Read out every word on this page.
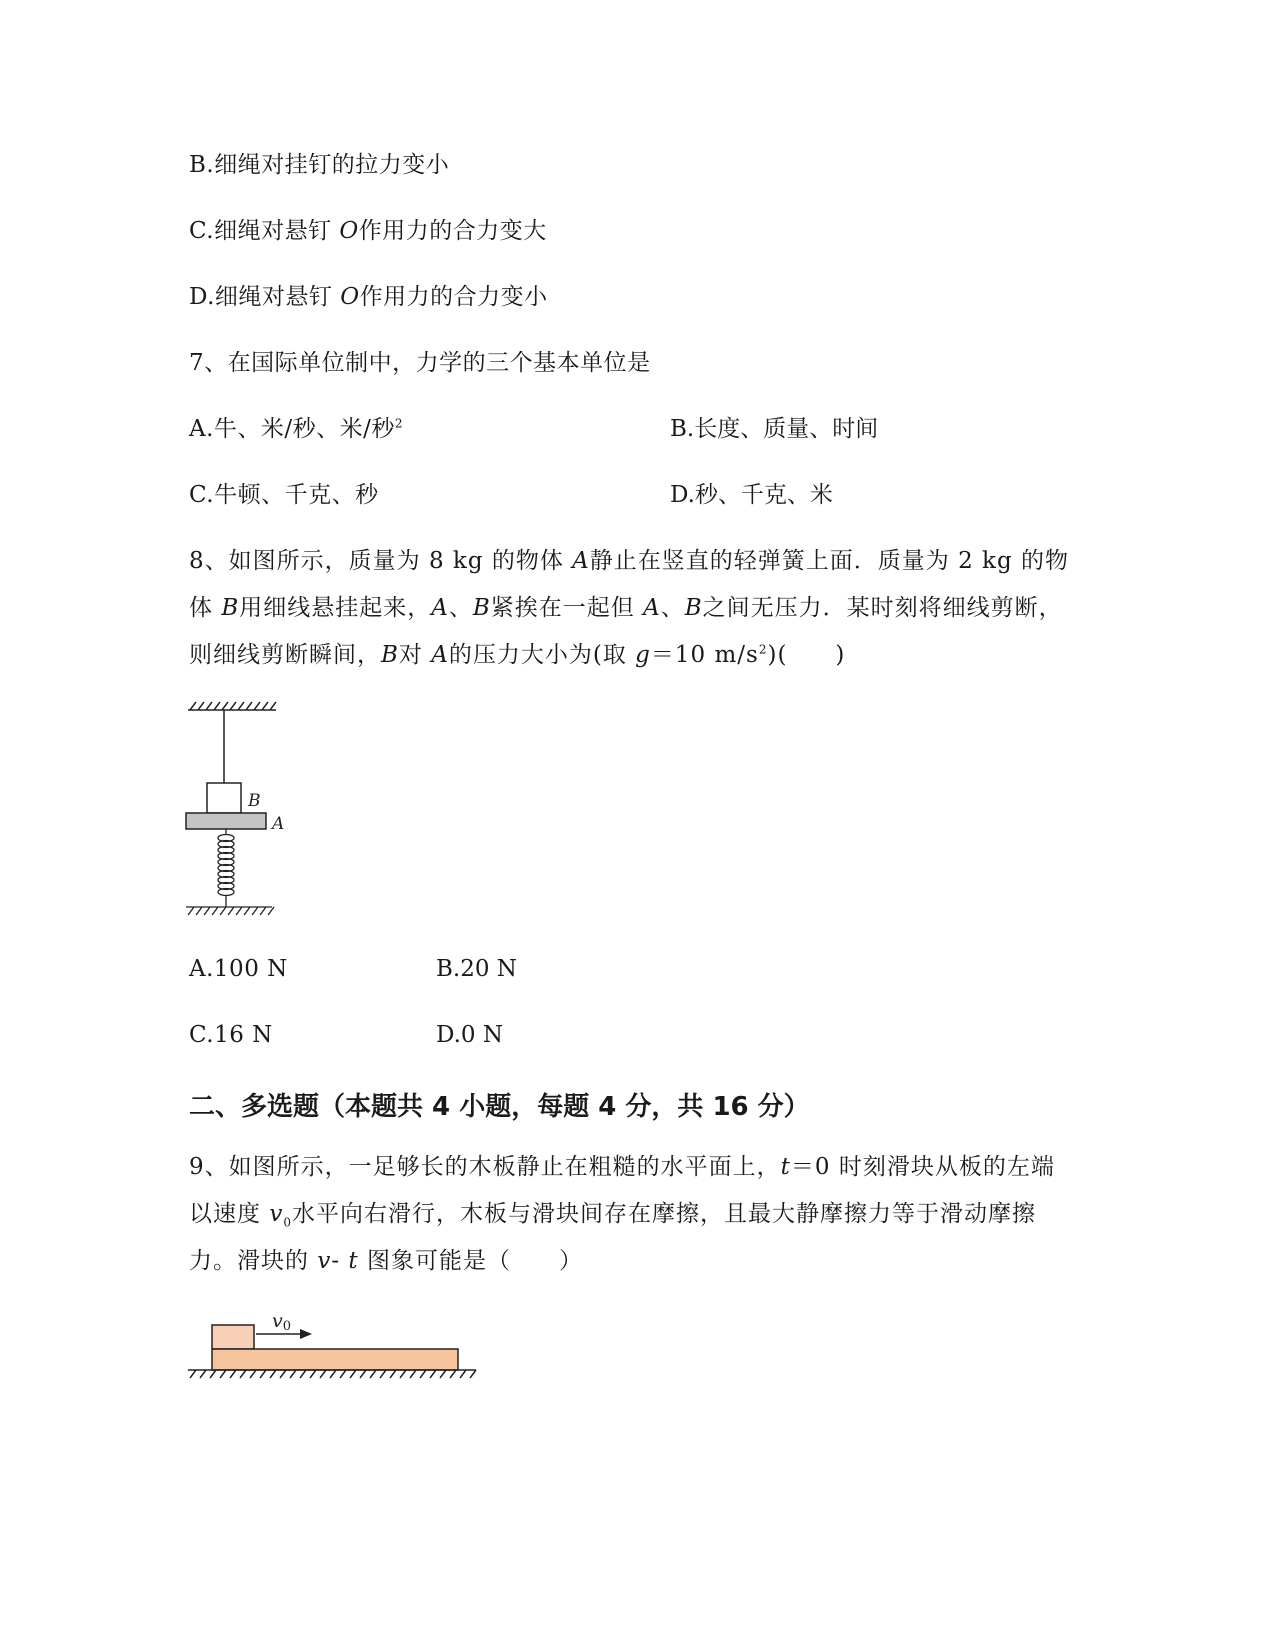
B.细绳对挂钉的拉力变小
C.细绳对悬钉 O作用力的合力变大
D.细绳对悬钉 O作用力的合力变小
7、在国际单位制中，力学的三个基本单位是
A.牛、米/秒、米/秒$^2$	B.长度、质量、时间
C.牛顿、千克、秒	D.秒、千克、米
8、如图所示，质量为 8 kg 的物体 A静止在竖直的轻弹簧上面．质量为 2 kg 的物
体 B用细线悬挂起来，A、B紧挨在一起但 A、B之间无压力．某时刻将细线剪断，
则细线剪断瞬间，B对 A的压力大小为(取 g＝10 $m/s^2$)(　　)
B
A
A.100 N	B.20 N
C.16 N	D.0 N
二、多选题（本题共 4 小题，每题 4 分，共 16 分）
9、如图所示，一足够长的木板静止在粗糙的水平面上，t＝0 时刻滑块从板的左端
以速度 $v_0$水平向右滑行，木板与滑块间存在摩擦，且最大静摩擦力等于滑动摩擦
力。滑块的 v- t 图象可能是（　　）
v0
